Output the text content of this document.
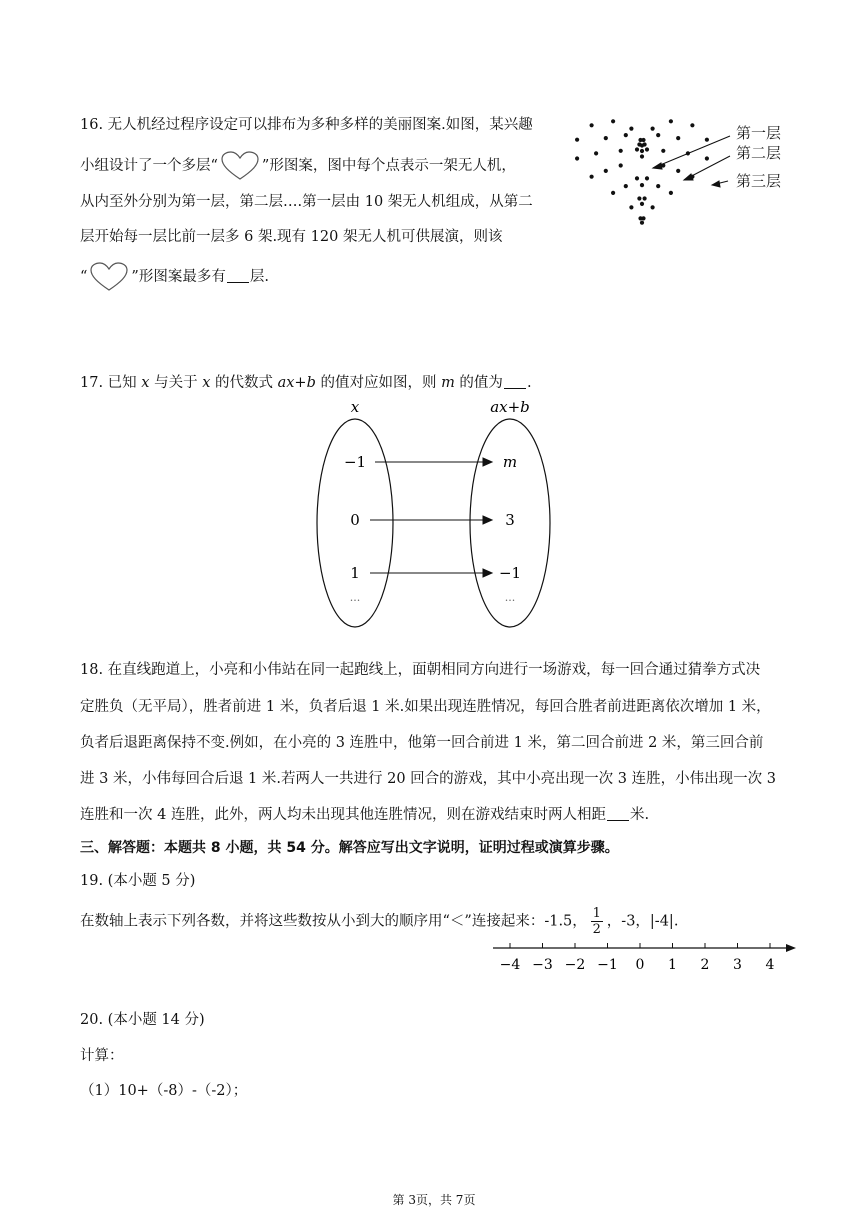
16. 无人机经过程序设定可以排布为多种多样的美丽图案.如图，某兴趣
小组设计了一个多层“	”形图案，图中每个点表示一架无人机，
从内至外分别为第一层，第二层….第一层由 10 架无人机组成，从第二
层开始每一层比前一层多 6 架.现有 120 架无人机可供展演，则该
“	”形图案最多有 层.
第一层
第二层
第三层
17. 已知 x 与关于 x 的代数式 ax+b 的值对应如图，则 m 的值为 .
x	ax+b
−1
0
1
...
m
3
−1
...
18. 在直线跑道上，小亮和小伟站在同一起跑线上，面朝相同方向进行一场游戏，每一回合通过猜拳方式决
定胜负（无平局），胜者前进 1 米，负者后退 1 米.如果出现连胜情况，每回合胜者前进距离依次增加 1 米，
负者后退距离保持不变.例如，在小亮的 3 连胜中，他第一回合前进 1 米，第二回合前进 2 米，第三回合前
进 3 米，小伟每回合后退 1 米.若两人一共进行 20 回合的游戏，其中小亮出现一次 3 连胜，小伟出现一次 3
连胜和一次 4 连胜，此外，两人均未出现其他连胜情况，则在游戏结束时两人相距 米.
三、解答题：本题共 8 小题，共 54 分。解答应写出文字说明，证明过程或演算步骤。
19. (本小题 5 分)
在数轴上表示下列各数，并将这些数按从小到大的顺序用“＜”连接起来：-1.5， $\frac{1}{2}$ ，-3，|-4|.
−4 −3 −2 −1 0 1 2 3 4
20. (本小题 14 分)
计算：
（1）10+（-8）-（-2）；
第 3页，共 7页
